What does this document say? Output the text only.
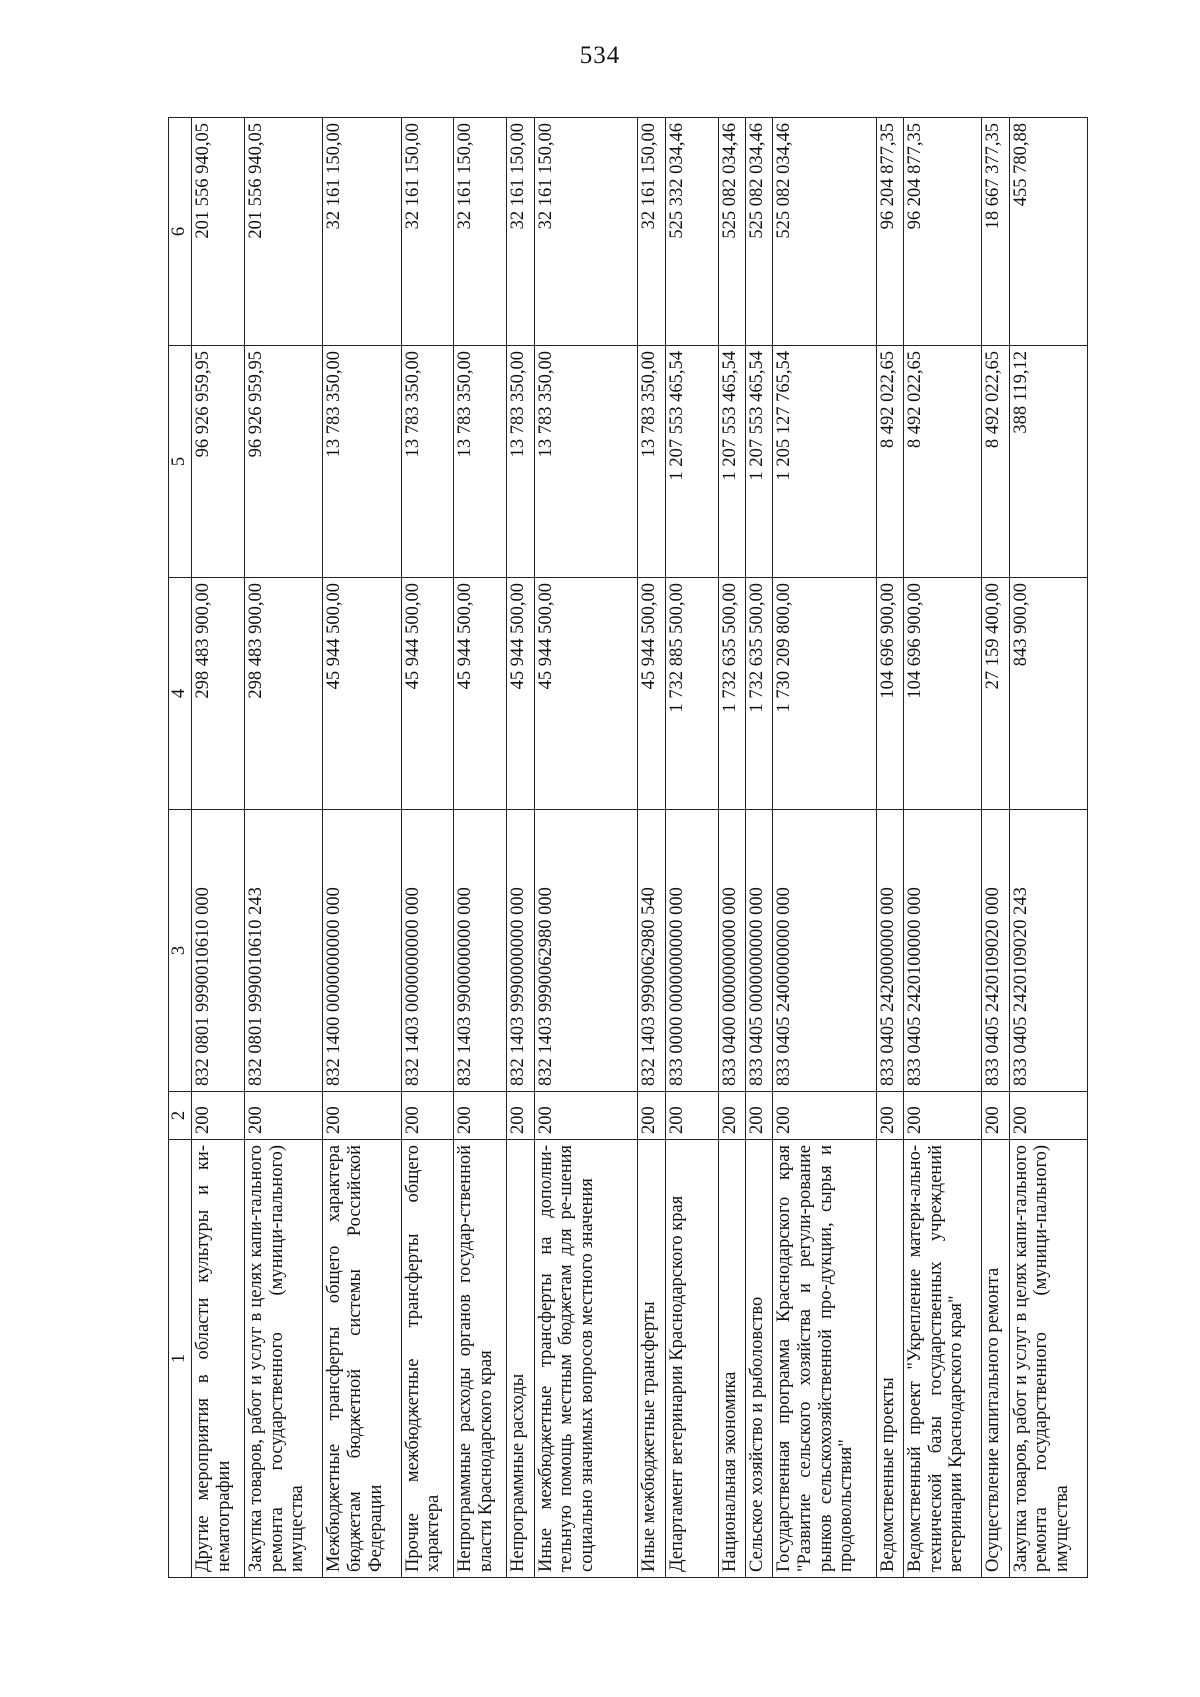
534
1	2	3	4	5	6
Другие мероприятия в области культуры и ки-нематографии	200	832 0801 9990010610 000	298 483 900,00	96 926 959,95	201 556 940,05
Закупка товаров, работ и услуг в целях капи-тального ремонта государственного (муници-пального) имущества	200	832 0801 9990010610 243	298 483 900,00	96 926 959,95	201 556 940,05
Межбюджетные трансферты общего характера бюджетам бюджетной системы Российской Федерации	200	832 1400 0000000000 000	45 944 500,00	13 783 350,00	32 161 150,00
Прочие межбюджетные трансферты общего характера	200	832 1403 0000000000 000	45 944 500,00	13 783 350,00	32 161 150,00
Непрограммные расходы органов государ-ственной власти Краснодарского края	200	832 1403 9900000000 000	45 944 500,00	13 783 350,00	32 161 150,00
Непрограммные расходы	200	832 1403 9990000000 000	45 944 500,00	13 783 350,00	32 161 150,00
Иные межбюджетные трансферты на дополни-тельную помощь местным бюджетам для ре-шения социально значимых вопросов местного значения	200	832 1403 9990062980 000	45 944 500,00	13 783 350,00	32 161 150,00
Иные межбюджетные трансферты	200	832 1403 9990062980 540	45 944 500,00	13 783 350,00	32 161 150,00
Департамент ветеринарии Краснодарского края	200	833 0000 0000000000 000	1 732 885 500,00	1 207 553 465,54	525 332 034,46
Национальная экономика	200	833 0400 0000000000 000	1 732 635 500,00	1 207 553 465,54	525 082 034,46
Сельское хозяйство и рыболовство	200	833 0405 0000000000 000	1 732 635 500,00	1 207 553 465,54	525 082 034,46
Государственная программа Краснодарского края "Развитие сельского хозяйства и регули-рование рынков сельскохозяйственной про-дукции, сырья и продовольствия"	200	833 0405 2400000000 000	1 730 209 800,00	1 205 127 765,54	525 082 034,46
Ведомственные проекты	200	833 0405 2420000000 000	104 696 900,00	8 492 022,65	96 204 877,35
Ведомственный проект "Укрепление матери-ально-технической базы государственных учреждений ветеринарии Краснодарского края"	200	833 0405 2420100000 000	104 696 900,00	8 492 022,65	96 204 877,35
Осуществление капитального ремонта	200	833 0405 2420109020 000	27 159 400,00	8 492 022,65	18 667 377,35
Закупка товаров, работ и услуг в целях капи-тального ремонта государственного (муници-пального) имущества	200	833 0405 2420109020 243	843 900,00	388 119,12	455 780,88
